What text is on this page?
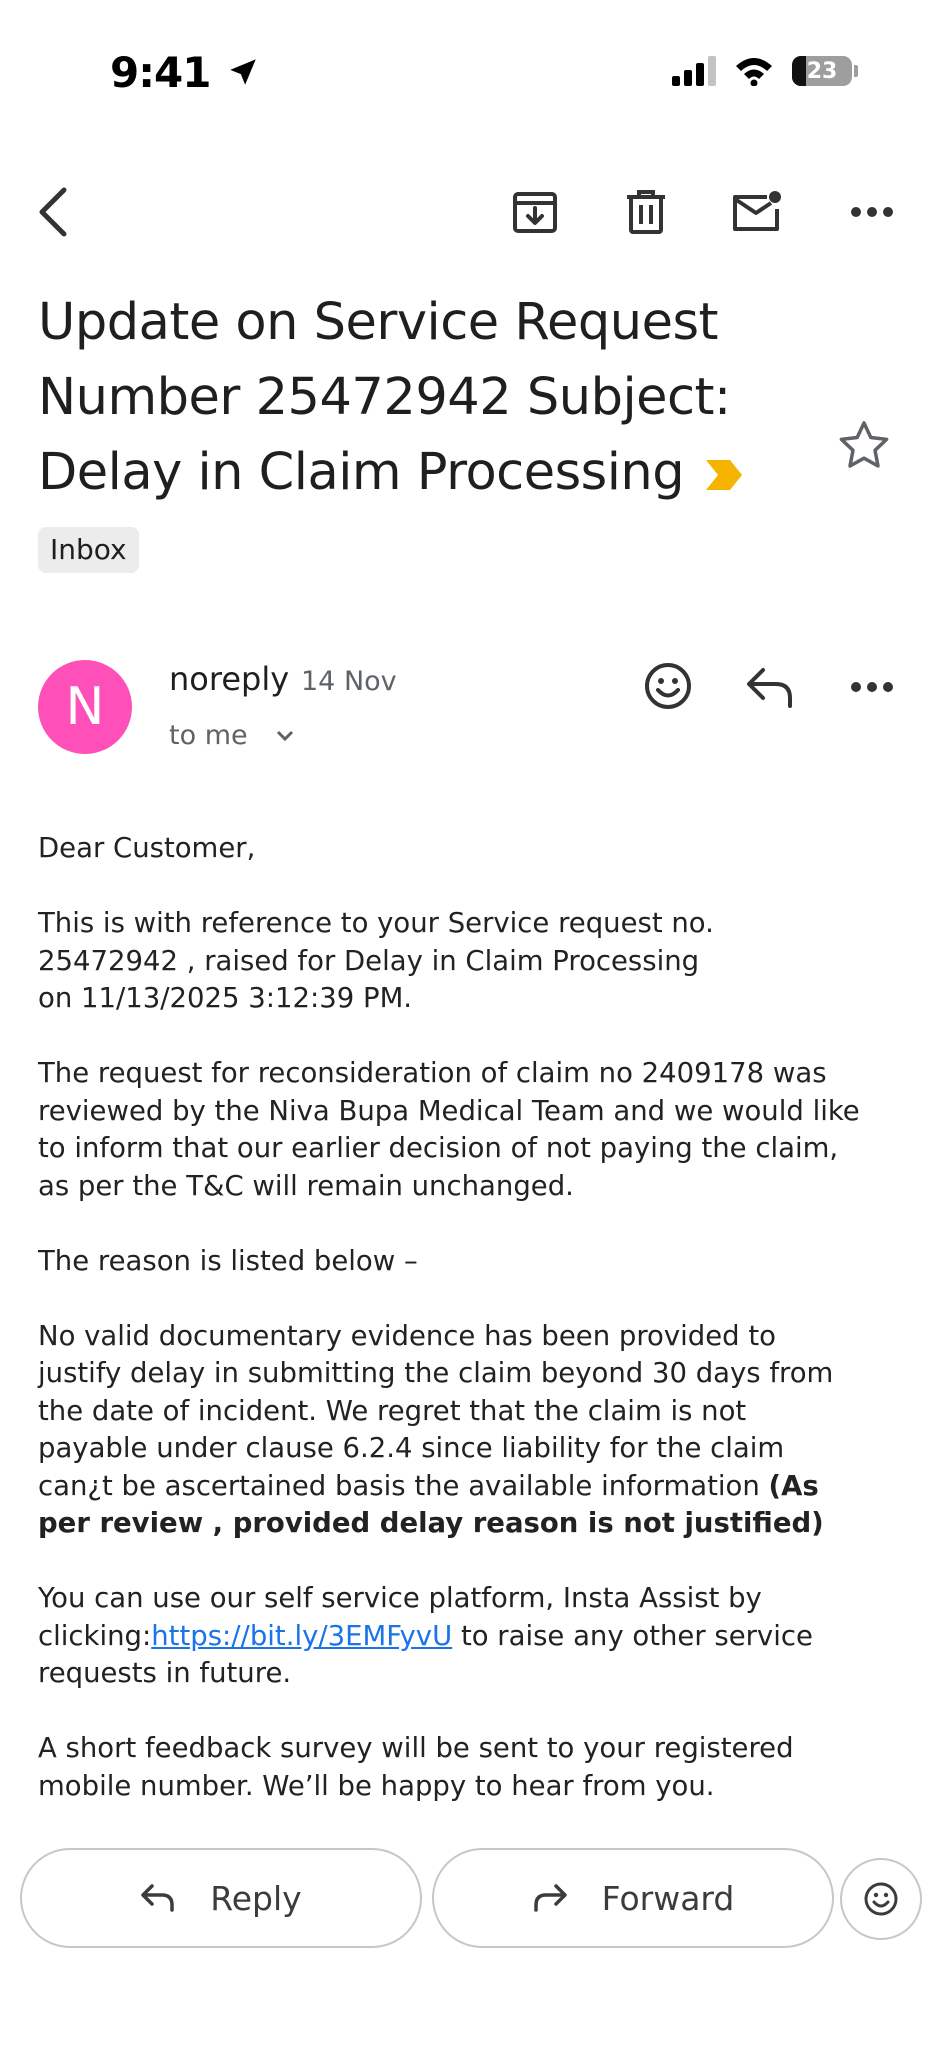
9:41	23
Update on Service Request
Number 25472942 Subject:
Delay in Claim Processing
Inbox
N	noreply 14 Nov
to me

Dear Customer,

This is with reference to your Service request no.
25472942 , raised for Delay in Claim Processing
on 11/13/2025 3:12:39 PM.

The request for reconsideration of claim no 2409178 was
reviewed by the Niva Bupa Medical Team and we would like
to inform that our earlier decision of not paying the claim,
as per the T&C will remain unchanged.

The reason is listed below –

No valid documentary evidence has been provided to
justify delay in submitting the claim beyond 30 days from
the date of incident. We regret that the claim is not
payable under clause 6.2.4 since liability for the claim
can¿t be ascertained basis the available information (As
per review , provided delay reason is not justified)

You can use our self service platform, Insta Assist by
clicking:https://bit.ly/3EMFyvU to raise any other service
requests in future.

A short feedback survey will be sent to your registered
mobile number. We’ll be happy to hear from you.

Reply	Forward
